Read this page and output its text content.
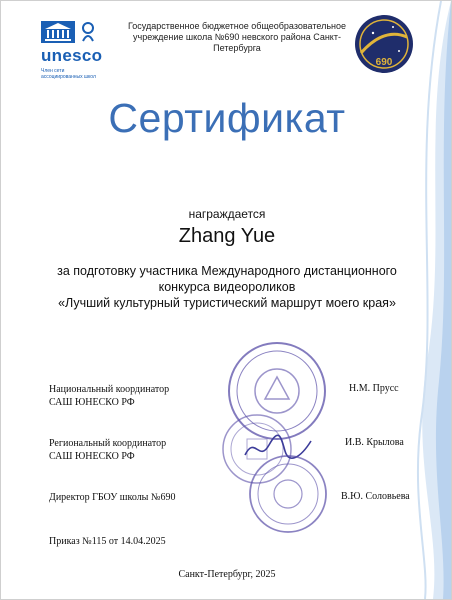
unesco
Член сети ассоциированных школ
Государственное бюджетное общеобразовательное учреждение школа №690 невского района Санкт-Петербурга
690
Сертификат
награждается
Zhang Yue
за подготовку участника Международного дистанционного конкурса видеороликов
«Лучший культурный туристический маршрут моего края»
Национальный координатор
САШ ЮНЕСКО РФ
Н.М. Прусс
Региональный координатор
САШ ЮНЕСКО РФ
И.В. Крылова
Директор ГБОУ школы №690	В.Ю. Соловьева
Приказ №115 от 14.04.2025
Санкт-Петербург, 2025
